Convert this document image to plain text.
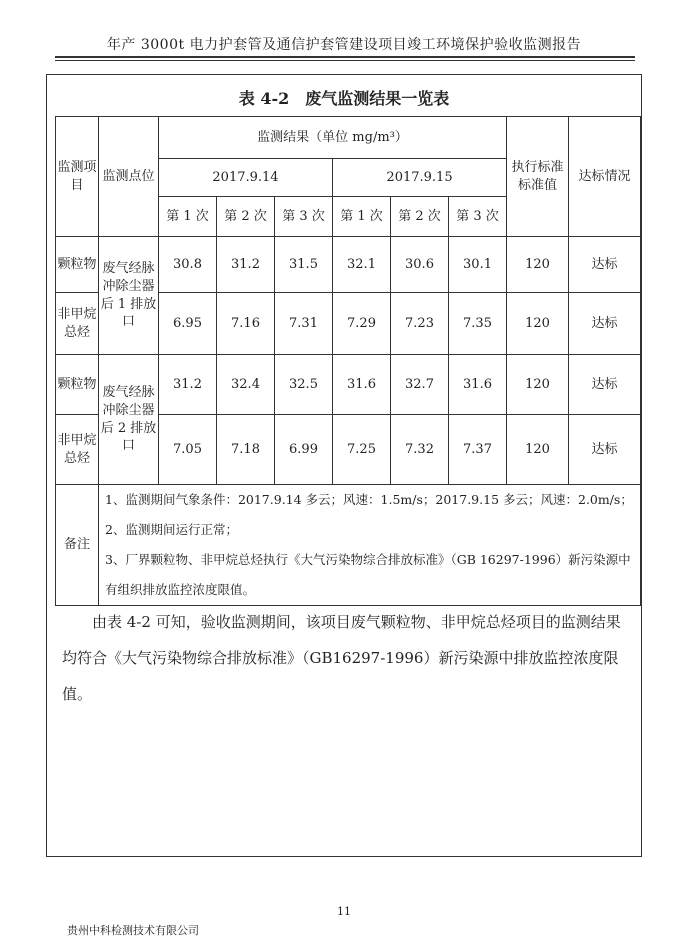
年产 3000t 电力护套管及通信护套管建设项目竣工环境保护验收监测报告
表 4-2　废气监测结果一览表
监测项目	监测点位	监测结果（单位 mg/m³）						执行标准标准值	达标情况
		2017.9.14			2017.9.15				
		第 1 次	第 2 次	第 3 次	第 1 次	第 2 次	第 3 次		
颗粒物	废气经脉冲除尘器后 1 排放口	30.8	31.2	31.5	32.1	30.6	30.1	120	达标
非甲烷总烃		6.95	7.16	7.31	7.29	7.23	7.35	120	达标
颗粒物	废气经脉冲除尘器后 2 排放口	31.2	32.4	32.5	31.6	32.7	31.6	120	达标
非甲烷总烃		7.05	7.18	6.99	7.25	7.32	7.37	120	达标
备注	1、监测期间气象条件：2017.9.14 多云；风速：1.5m/s；2017.9.15 多云；风速：2.0m/s；
2、监测期间运行正常；
3、厂界颗粒物、非甲烷总烃执行《大气污染物综合排放标准》（GB 16297-1996）新污染源中有组织排放监控浓度限值。								
由表 4-2 可知，验收监测期间，该项目废气颗粒物、非甲烷总烃项目的监测结果均符合《大气污染物综合排放标准》（GB16297-1996）新污染源中排放监控浓度限值。
11
贵州中科检测技术有限公司
